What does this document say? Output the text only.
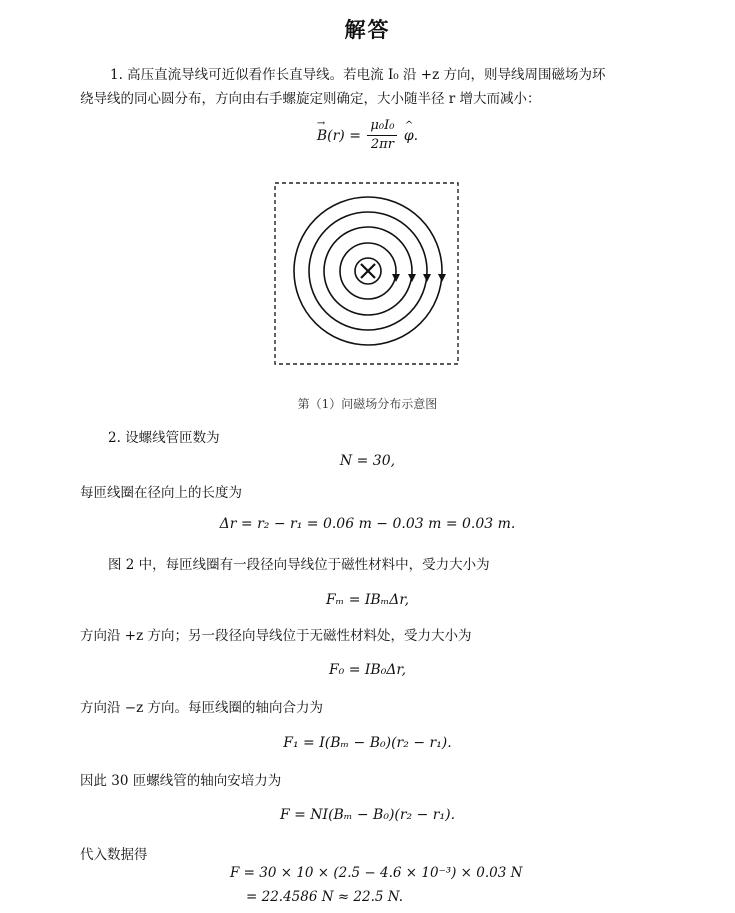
解答
1. 高压直流导线可近似看作长直导线。若电流 I₀ 沿 +z 方向，则导线周围磁场为环
绕导线的同心圆分布，方向由右手螺旋定则确定，大小随半径 r 增大而减小：
→ $B(r) = \frac{\text{μ₀I₀}}{2\pi r}$
^ φ.
第（1）问磁场分布示意图
2. 设螺线管匝数为
N = 30,
每匝线圈在径向上的长度为
Δr = r₂ − r₁ = 0.06 m − 0.03 m = 0.03 m.
图 2 中，每匝线圈有一段径向导线位于磁性材料中，受力大小为
Fₘ = IBₘΔr,
方向沿 +z 方向；另一段径向导线位于无磁性材料处，受力大小为
F₀ = IB₀Δr,
方向沿 −z 方向。每匝线圈的轴向合力为
F₁ = I(Bₘ − B₀)(r₂ − r₁).
因此 30 匝螺线管的轴向安培力为
F = NI(Bₘ − B₀)(r₂ − r₁).
代入数据得
F = 30 × 10 × (2.5 − 4.6 × 10⁻³) × 0.03 N
= 22.4586 N ≈ 22.5 N.
